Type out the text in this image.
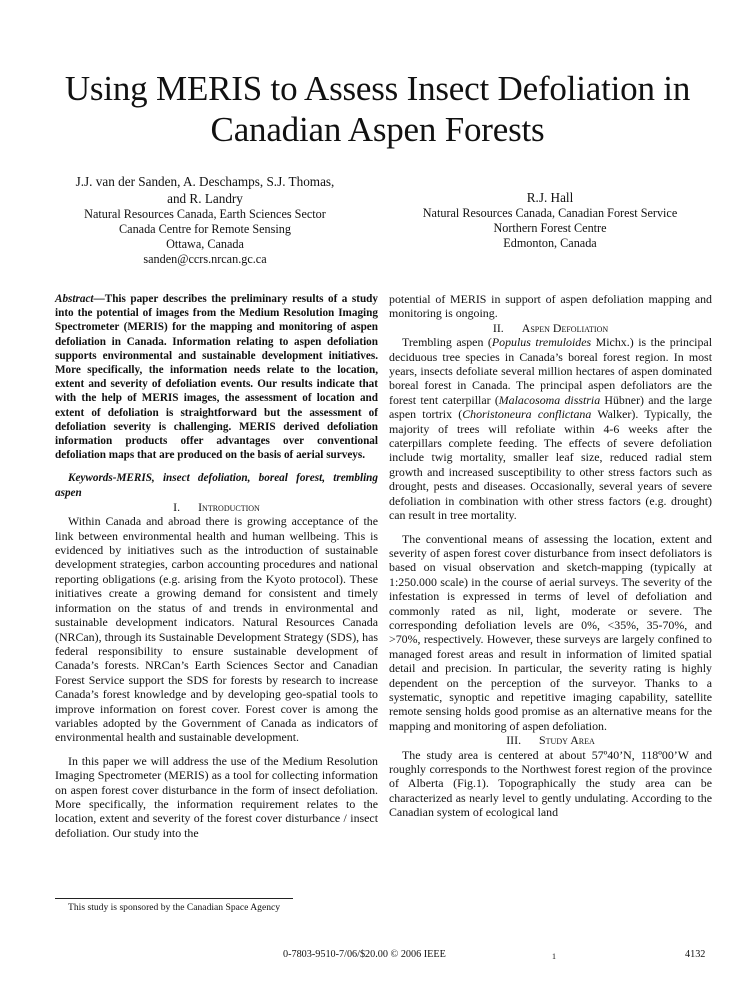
Using MERIS to Assess Insect Defoliation in
Canadian Aspen Forests
J.J. van der Sanden, A. Deschamps, S.J. Thomas,
and R. Landry
Natural Resources Canada, Earth Sciences Sector
Canada Centre for Remote Sensing
Ottawa, Canada
sanden@ccrs.nrcan.gc.ca
R.J. Hall
Natural Resources Canada, Canadian Forest Service
Northern Forest Centre
Edmonton, Canada

Abstract—This paper describes the preliminary results of a study into the potential of images from the Medium Resolution Imaging Spectrometer (MERIS) for the mapping and monitoring of aspen defoliation in Canada. Information relating to aspen defoliation supports environmental and sustainable development initiatives. More specifically, the information needs relate to the location, extent and severity of defoliation events. Our results indicate that with the help of MERIS images, the assessment of location and extent of defoliation is straightforward but the assessment of defoliation severity is challenging. MERIS derived defoliation information products offer advantages over conventional defoliation maps that are produced on the basis of aerial surveys.

Keywords-MERIS, insect defoliation, boreal forest, trembling aspen

I. Introduction

Within Canada and abroad there is growing acceptance of the link between environmental health and human wellbeing. This is evidenced by initiatives such as the introduction of sustainable development strategies, carbon accounting procedures and national reporting obligations (e.g. arising from the Kyoto protocol). These initiatives create a growing demand for consistent and timely information on the status of and trends in environmental and sustainable development indicators. Natural Resources Canada (NRCan), through its Sustainable Development Strategy (SDS), has federal responsibility to ensure sustainable development of Canada’s forests. NRCan’s Earth Sciences Sector and Canadian Forest Service support the SDS for forests by research to increase Canada’s forest knowledge and by developing geo-spatial tools to improve information on forest cover. Forest cover is among the variables adopted by the Government of Canada as indicators of environmental health and sustainable development.

In this paper we will address the use of the Medium Resolution Imaging Spectrometer (MERIS) as a tool for collecting information on aspen forest cover disturbance in the form of insect defoliation. More specifically, the information requirement relates to the location, extent and severity of the forest cover disturbance / insect defoliation. Our study into the

potential of MERIS in support of aspen defoliation mapping and monitoring is ongoing.

II. Aspen Defoliation

Trembling aspen (Populus tremuloides Michx.) is the principal deciduous tree species in Canada’s boreal forest region. In most years, insects defoliate several million hectares of aspen dominated boreal forest in Canada. The principal aspen defoliators are the forest tent caterpillar (Malacosoma disstria Hübner) and the large aspen tortrix (Choristoneura conflictana Walker). Typically, the majority of trees will refoliate within 4-6 weeks after the caterpillars complete feeding. The effects of severe defoliation include twig mortality, smaller leaf size, reduced radial stem growth and increased susceptibility to other stress factors such as drought, pests and diseases. Occasionally, several years of severe defoliation in combination with other stress factors (e.g. drought) can result in tree mortality.

The conventional means of assessing the location, extent and severity of aspen forest cover disturbance from insect defoliators is based on visual observation and sketch-mapping (typically at 1:250.000 scale) in the course of aerial surveys. The severity of the infestation is expressed in terms of level of defoliation and commonly rated as nil, light, moderate or severe. The corresponding defoliation levels are 0%, <35%, 35-70%, and >70%, respectively. However, these surveys are largely confined to managed forest areas and result in information of limited spatial detail and precision. In particular, the severity rating is highly dependent on the perception of the surveyor. Thanks to a systematic, synoptic and repetitive imaging capability, satellite remote sensing holds good promise as an alternative means for the mapping and monitoring of aspen defoliation.

III. Study Area

The study area is centered at about 57º40’N, 118º00’W and roughly corresponds to the Northwest forest region of the province of Alberta (Fig.1). Topographically the study area can be characterized as nearly level to gently undulating. According to the Canadian system of ecological land

This study is sponsored by the Canadian Space Agency
0-7803-9510-7/06/$20.00 © 2006 IEEE	1	4132
